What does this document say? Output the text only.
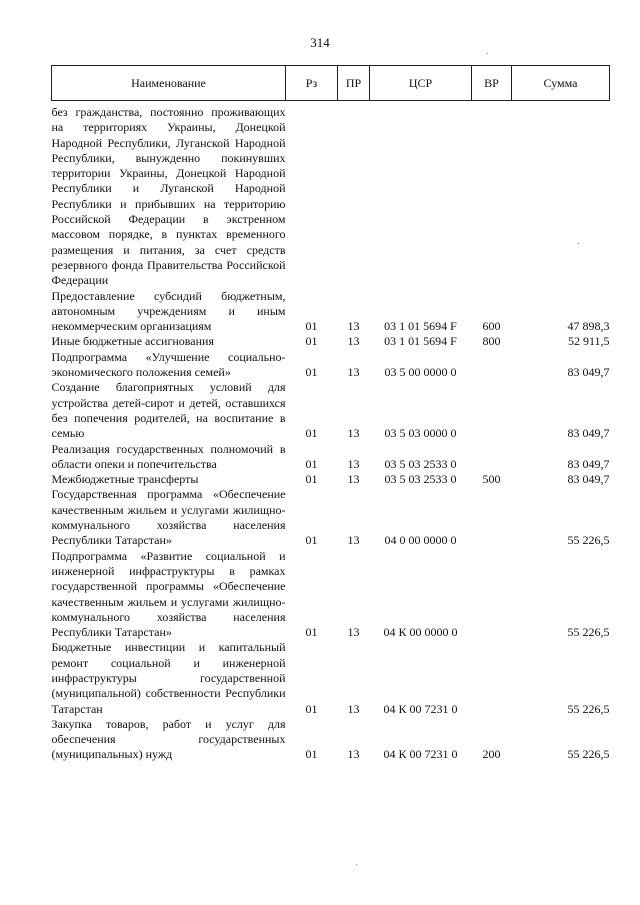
314
Наименование	Рз	ПР	ЦСР	ВР	Сумма
без гражданства, постоянно проживающих на территориях Украины, Донецкой Народной Республики, Луганской Народной Республики, вынужденно покинувших территории Украины, Донецкой Народной Республики и Луганской Народной Республики и прибывших на территорию Российской Федерации в экстренном массовом порядке, в пунктах временного размещения и питания, за счет средств резервного фонда Правительства Российской Федерации					
Предоставление субсидий бюджетным, автономным учреждениям и иным некоммерческим организациям	01	13	03 1 01 5694 F	600	47 898,3
Иные бюджетные ассигнования	01	13	03 1 01 5694 F	800	52 911,5
Подпрограмма «Улучшение социально-экономического положения семей»	01	13	03 5 00 0000 0		83 049,7
Создание благоприятных условий для устройства детей-сирот и детей, оставшихся без попечения родителей, на воспитание в семью	01	13	03 5 03 0000 0		83 049,7
Реализация государственных полномочий в области опеки и попечительства	01	13	03 5 03 2533 0		83 049,7
Межбюджетные трансферты	01	13	03 5 03 2533 0	500	83 049,7
Государственная программа «Обеспечение качественным жильем и услугами жилищно-коммунального хозяйства населения Республики Татарстан»	01	13	04 0 00 0000 0		55 226,5
Подпрограмма «Развитие социальной и инженерной инфраструктуры в рамках государственной программы «Обеспечение качественным жильем и услугами жилищно-коммунального хозяйства населения Республики Татарстан»	01	13	04 К 00 0000 0		55 226,5
Бюджетные инвестиции и капитальный ремонт социальной и инженерной инфраструктуры государственной (муниципальной) собственности Республики Татарстан	01	13	04 К 00 7231 0		55 226,5
Закупка товаров, работ и услуг для обеспечения государственных (муниципальных) нужд	01	13	04 К 00 7231 0	200	55 226,5
